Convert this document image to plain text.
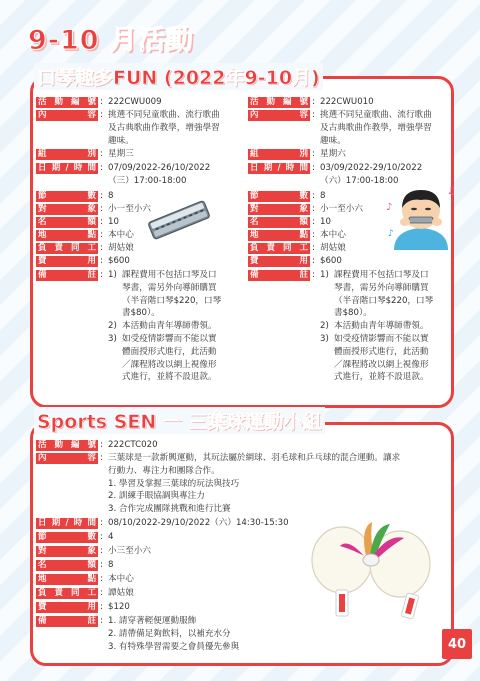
9-10 月活動
口琴趣多FUN (2022年9-10月)
活 動 編 號 : 222CWU009
內	容 : 挑選不同兒童歌曲、流行歌曲
及古典歌曲作教學，增強學習
趣味。
組	別 : 星期三
日 期 / 時 間 : 07/09/2022-26/10/2022
（三）17:00-18:00
節	數 : 8
對	象 : 小一至小六
名	額 : 10
地	點 : 本中心
負 責 同 工 : 胡姑娘
費	用 : $600
備	註 : 1) 課程費用不包括口琴及口
琴書，需另外向導師購買
（半音階口琴$220，口琴
書$80）。
2) 本活動由青年導師帶領。
3) 如受疫情影響而不能以實
體面授形式進行，此活動
／課程將改以網上視像形
式進行，並將不設退款。
活 動 編 號 : 222CWU010
內	容 : 挑選不同兒童歌曲、流行歌曲
及古典歌曲作教學，增強學習
趣味。
組	別 : 星期六
日 期 / 時 間 : 03/09/2022-29/10/2022
（六）17:00-18:00
節	數 : 8
對	象 : 小一至小六
名	額 : 10
地	點 : 本中心
負 責 同 工 : 胡姑娘
費	用 : $600
備	註 : 1) 課程費用不包括口琴及口
琴書，需另外向導師購買
（半音階口琴$220，口琴
書$80）。
2) 本活動由青年導師帶領。
3) 如受疫情影響而不能以實
體面授形式進行，此活動
／課程將改以網上視像形
式進行，並將不設退款。
♪
♫
♪
Sports SEN 一 三葉球運動小組
活 動 編 號 : 222CTC020
內	容 : 三葉球是一款新興運動，其玩法屬於網球、羽毛球和乒乓球的混合運動。讓求
行動力、專注力和團隊合作。
1. 學習及掌握三葉球的玩法與技巧
2. 訓練手眼協調與專注力
3. 合作完成團隊挑戰和進行比賽
日 期 / 時 間 : 08/10/2022-29/10/2022（六）14:30-15:30
節	數 : 4
對	象 : 小三至小六
名	額 : 8
地	點 : 本中心
負 責 同 工 : 譚姑娘
費	用 : $120
備	註 : 1. 請穿著輕便運動服飾
2. 請帶備足夠飲料，以補充水分
3. 有特殊學習需要之會員優先參與	40
